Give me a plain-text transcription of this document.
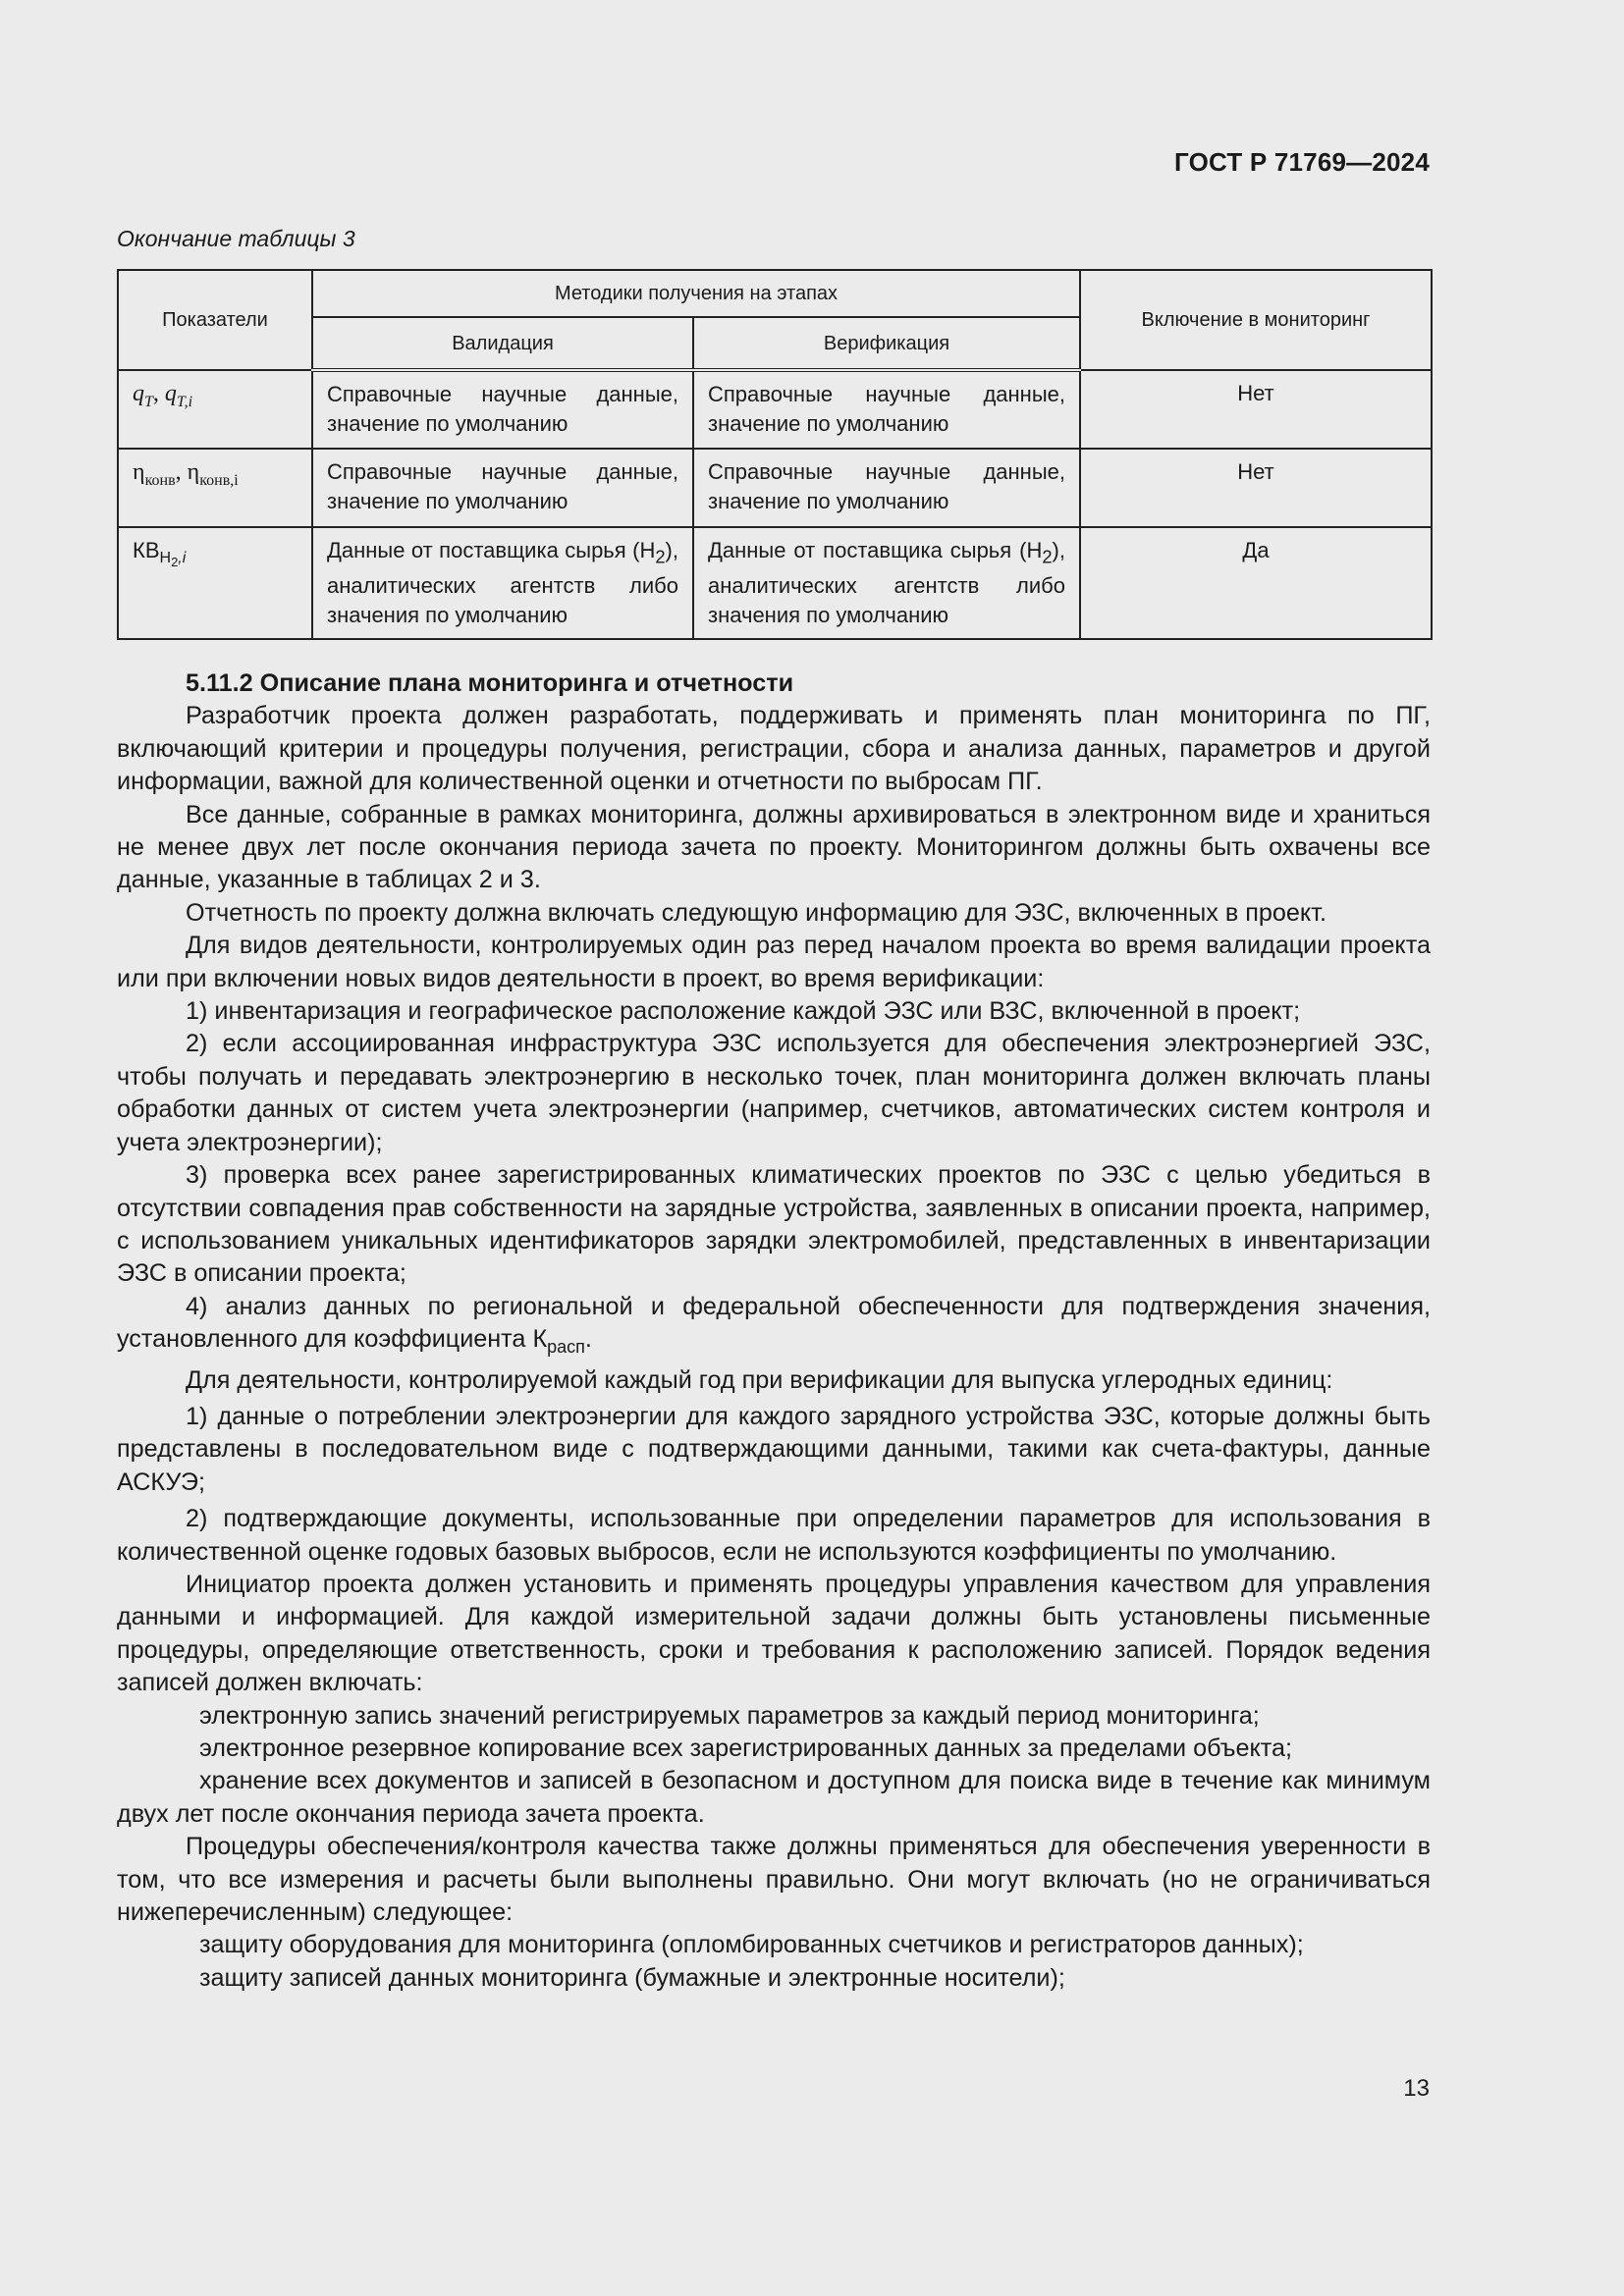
ГОСТ Р 71769—2024
Окончание таблицы 3
Показатели	Методики получения на этапах		Включение в мониторинг
	Валидация	Верификация	
$q_T$, $q_{T,i}$	Справочные научные данные, значение по умолчанию	Справочные научные данные, значение по умолчанию	Нет
$\eta_{конв}$, $\eta_{конв,i}$	Справочные научные данные, значение по умолчанию	Справочные научные данные, значение по умолчанию	Нет
$КВ_{H_2,i}$	Данные от поставщика сырья $(H_2)$, аналитических агентств либо значения по умолчанию	Данные от поставщика сырья $(H_2)$, аналитических агентств либо значения по умолчанию	Да
5.11.2 Описание плана мониторинга и отчетности

Разработчик проекта должен разработать, поддерживать и применять план мониторинга по ПГ, включающий критерии и процедуры получения, регистрации, сбора и анализа данных, параметров и другой информации, важной для количественной оценки и отчетности по выбросам ПГ.

Все данные, собранные в рамках мониторинга, должны архивироваться в электронном виде и храниться не менее двух лет после окончания периода зачета по проекту. Мониторингом должны быть охвачены все данные, указанные в таблицах 2 и 3.

Отчетность по проекту должна включать следующую информацию для ЭЗС, включенных в проект.

Для видов деятельности, контролируемых один раз перед началом проекта во время валидации проекта или при включении новых видов деятельности в проект, во время верификации:

1) инвентаризация и географическое расположение каждой ЭЗС или ВЗС, включенной в проект;

2) если ассоциированная инфраструктура ЭЗС используется для обеспечения электроэнергией ЭЗС, чтобы получать и передавать электроэнергию в несколько точек, план мониторинга должен включать планы обработки данных от систем учета электроэнергии (например, счетчиков, автоматических систем контроля и учета электроэнергии);

3) проверка всех ранее зарегистрированных климатических проектов по ЭЗС с целью убедиться в отсутствии совпадения прав собственности на зарядные устройства, заявленных в описании проекта, например, с использованием уникальных идентификаторов зарядки электромобилей, представленных в инвентаризации ЭЗС в описании проекта;

4) анализ данных по региональной и федеральной обеспеченности для подтверждения значения, установленного для коэффициента $К_{расп}$.

Для деятельности, контролируемой каждый год при верификации для выпуска углеродных единиц:

1) данные о потреблении электроэнергии для каждого зарядного устройства ЭЗС, которые должны быть представлены в последовательном виде с подтверждающими данными, такими как счета-фактуры, данные АСКУЭ;

2) подтверждающие документы, использованные при определении параметров для использования в количественной оценке годовых базовых выбросов, если не используются коэффициенты по умолчанию.

Инициатор проекта должен установить и применять процедуры управления качеством для управления данными и информацией. Для каждой измерительной задачи должны быть установлены письменные процедуры, определяющие ответственность, сроки и требования к расположению записей. Порядок ведения записей должен включать:

электронную запись значений регистрируемых параметров за каждый период мониторинга;

электронное резервное копирование всех зарегистрированных данных за пределами объекта;

хранение всех документов и записей в безопасном и доступном для поиска виде в течение как минимум двух лет после окончания периода зачета проекта.

Процедуры обеспечения/контроля качества также должны применяться для обеспечения уверенности в том, что все измерения и расчеты были выполнены правильно. Они могут включать (но не ограничиваться нижеперечисленным) следующее:

защиту оборудования для мониторинга (опломбированных счетчиков и регистраторов данных);

защиту записей данных мониторинга (бумажные и электронные носители);

13
